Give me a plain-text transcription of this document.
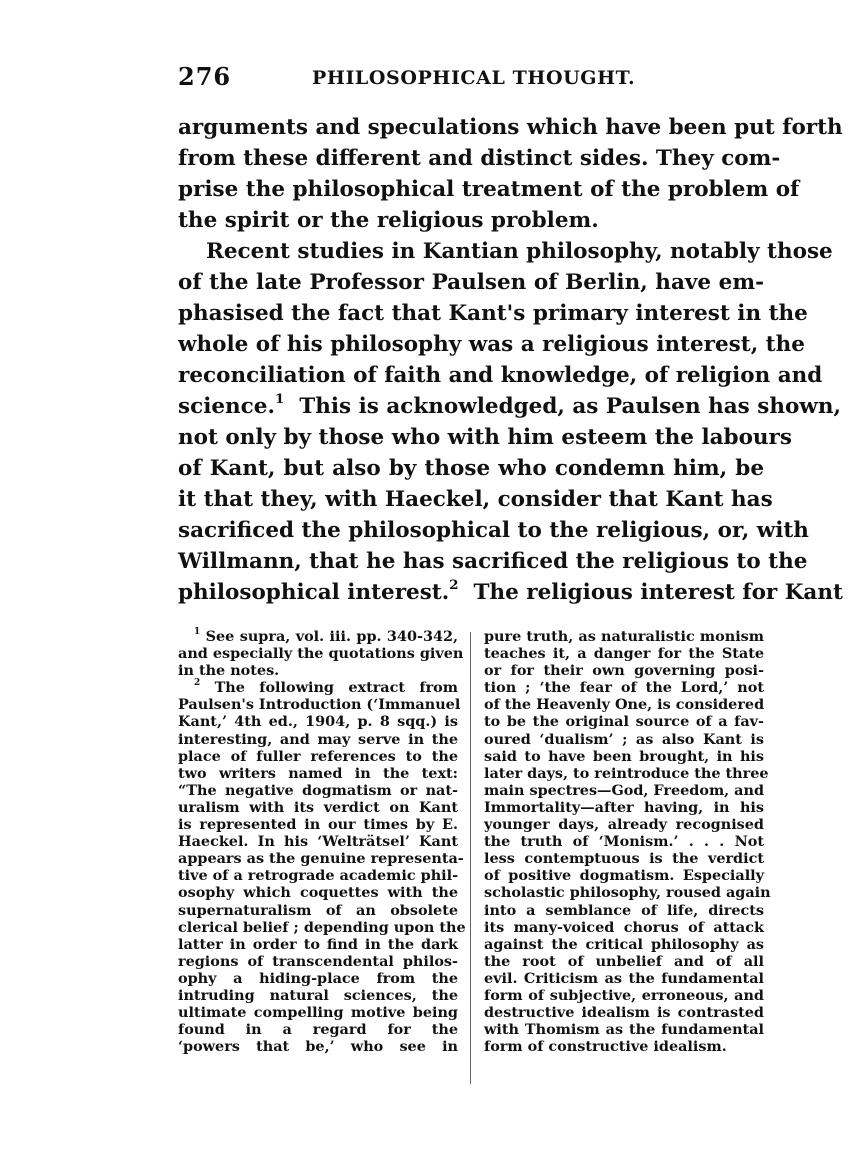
276	PHILOSOPHICAL THOUGHT.
arguments and speculations which have been put forth
from these different and distinct sides. They com-
prise the philosophical treatment of the problem of
the spirit or the religious problem.
Recent studies in Kantian philosophy, notably those
of the late Professor Paulsen of Berlin, have em-
phasised the fact that Kant's primary interest in the
whole of his philosophy was a religious interest, the
reconciliation of faith and knowledge, of religion and
science.$^1$ This is acknowledged, as Paulsen has shown,
not only by those who with him esteem the labours
of Kant, but also by those who condemn him, be
it that they, with Haeckel, consider that Kant has
sacrificed the philosophical to the religious, or, with
Willmann, that he has sacrificed the religious to the
philosophical interest.$^2$ The religious interest for Kant
$^1$ See supra, vol. iii. pp. 340-342,
and especially the quotations given
in the notes.
$^2$ The following extract from
Paulsen's Introduction (‘Immanuel
Kant,’ 4th ed., 1904, p. 8 sqq.) is
interesting, and may serve in the
place of fuller references to the
two writers named in the text:
“The negative dogmatism or nat-
uralism with its verdict on Kant
is represented in our times by E.
Haeckel. In his ‘Welträtsel’ Kant
appears as the genuine representa-
tive of a retrograde academic phil-
osophy which coquettes with the
supernaturalism of an obsolete
clerical belief ; depending upon the
latter in order to find in the dark
regions of transcendental philos-
ophy a hiding-place from the
intruding natural sciences, the
ultimate compelling motive being
found in a regard for the
‘powers that be,’ who see in
pure truth, as naturalistic monism
teaches it, a danger for the State
or for their own governing posi-
tion ; ‘the fear of the Lord,’ not
of the Heavenly One, is considered
to be the original source of a fav-
oured ‘dualism’ ; as also Kant is
said to have been brought, in his
later days, to reintroduce the three
main spectres—God, Freedom, and
Immortality—after having, in his
younger days, already recognised
the truth of ‘Monism.’ . . . Not
less contemptuous is the verdict
of positive dogmatism. Especially
scholastic philosophy, roused again
into a semblance of life, directs
its many-voiced chorus of attack
against the critical philosophy as
the root of unbelief and of all
evil. Criticism as the fundamental
form of subjective, erroneous, and
destructive idealism is contrasted
with Thomism as the fundamental
form of constructive idealism.
